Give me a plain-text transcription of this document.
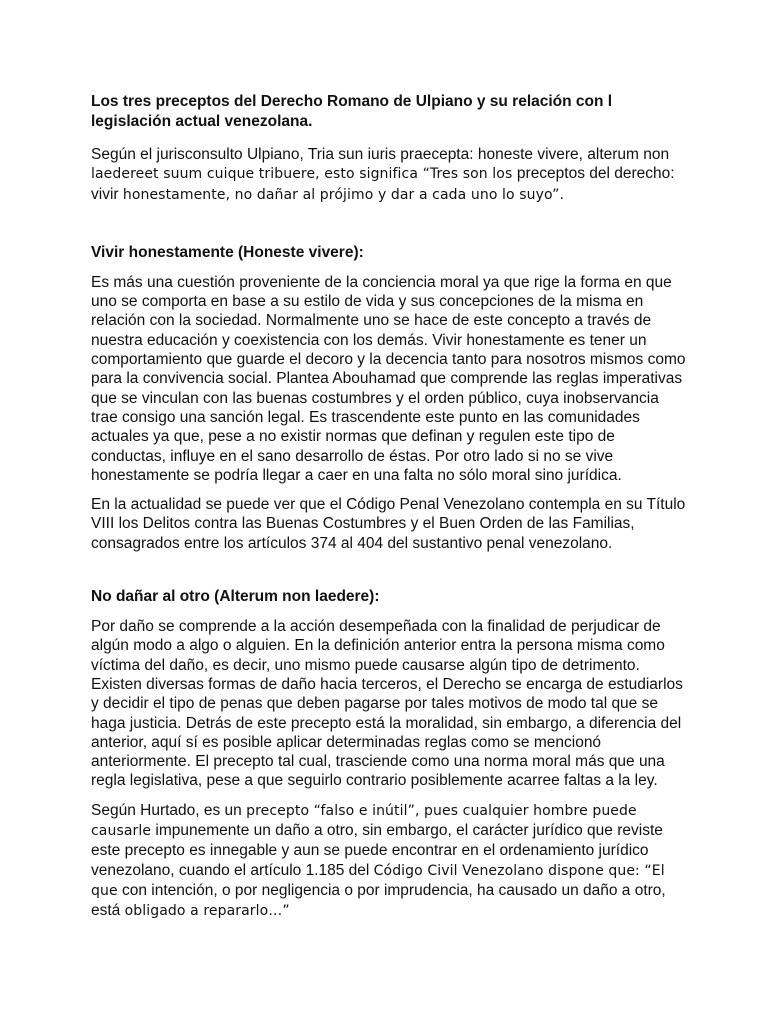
Los tres preceptos del Derecho Romano de Ulpiano y su relación con l legislación actual venezolana.

Según el jurisconsulto Ulpiano, Tria sun iuris praecepta: honeste vivere, alterum non laedereet suum cuique tribuere, esto significa “Tres son los preceptos del derecho: vivir honestamente, no dañar al prójimo y dar a cada uno lo suyo”.

Vivir honestamente (Honeste vivere):

Es más una cuestión proveniente de la conciencia moral ya que rige la forma en que uno se comporta en base a su estilo de vida y sus concepciones de la misma en relación con la sociedad. Normalmente uno se hace de este concepto a través de nuestra educación y coexistencia con los demás. Vivir honestamente es tener un comportamiento que guarde el decoro y la decencia tanto para nosotros mismos como para la convivencia social. Plantea Abouhamad que comprende las reglas imperativas que se vinculan con las buenas costumbres y el orden público, cuya inobservancia trae consigo una sanción legal. Es trascendente este punto en las comunidades actuales ya que, pese a no existir normas que definan y regulen este tipo de conductas, influye en el sano desarrollo de éstas. Por otro lado si no se vive honestamente se podría llegar a caer en una falta no sólo moral sino jurídica.

En la actualidad se puede ver que el Código Penal Venezolano contempla en su Título VIII los Delitos contra las Buenas Costumbres y el Buen Orden de las Familias, consagrados entre los artículos 374 al 404 del sustantivo penal venezolano.

No dañar al otro (Alterum non laedere):

Por daño se comprende a la acción desempeñada con la finalidad de perjudicar de algún modo a algo o alguien. En la definición anterior entra la persona misma como víctima del daño, es decir, uno mismo puede causarse algún tipo de detrimento. Existen diversas formas de daño hacia terceros, el Derecho se encarga de estudiarlos y decidir el tipo de penas que deben pagarse por tales motivos de modo tal que se haga justicia. Detrás de este precepto está la moralidad, sin embargo, a diferencia del anterior, aquí sí es posible aplicar determinadas reglas como se mencionó anteriormente. El precepto tal cual, trasciende como una norma moral más que una regla legislativa, pese a que seguirlo contrario posiblemente acarree faltas a la ley.

Según Hurtado, es un precepto “falso e inútil”, pues cualquier hombre puede causarle impunemente un daño a otro, sin embargo, el carácter jurídico que reviste este precepto es innegable y aun se puede encontrar en el ordenamiento jurídico venezolano, cuando el artículo 1.185 del Código Civil Venezolano dispone que: “El que con intención, o por negligencia o por imprudencia, ha causado un daño a otro, está obligado a repararlo…”
